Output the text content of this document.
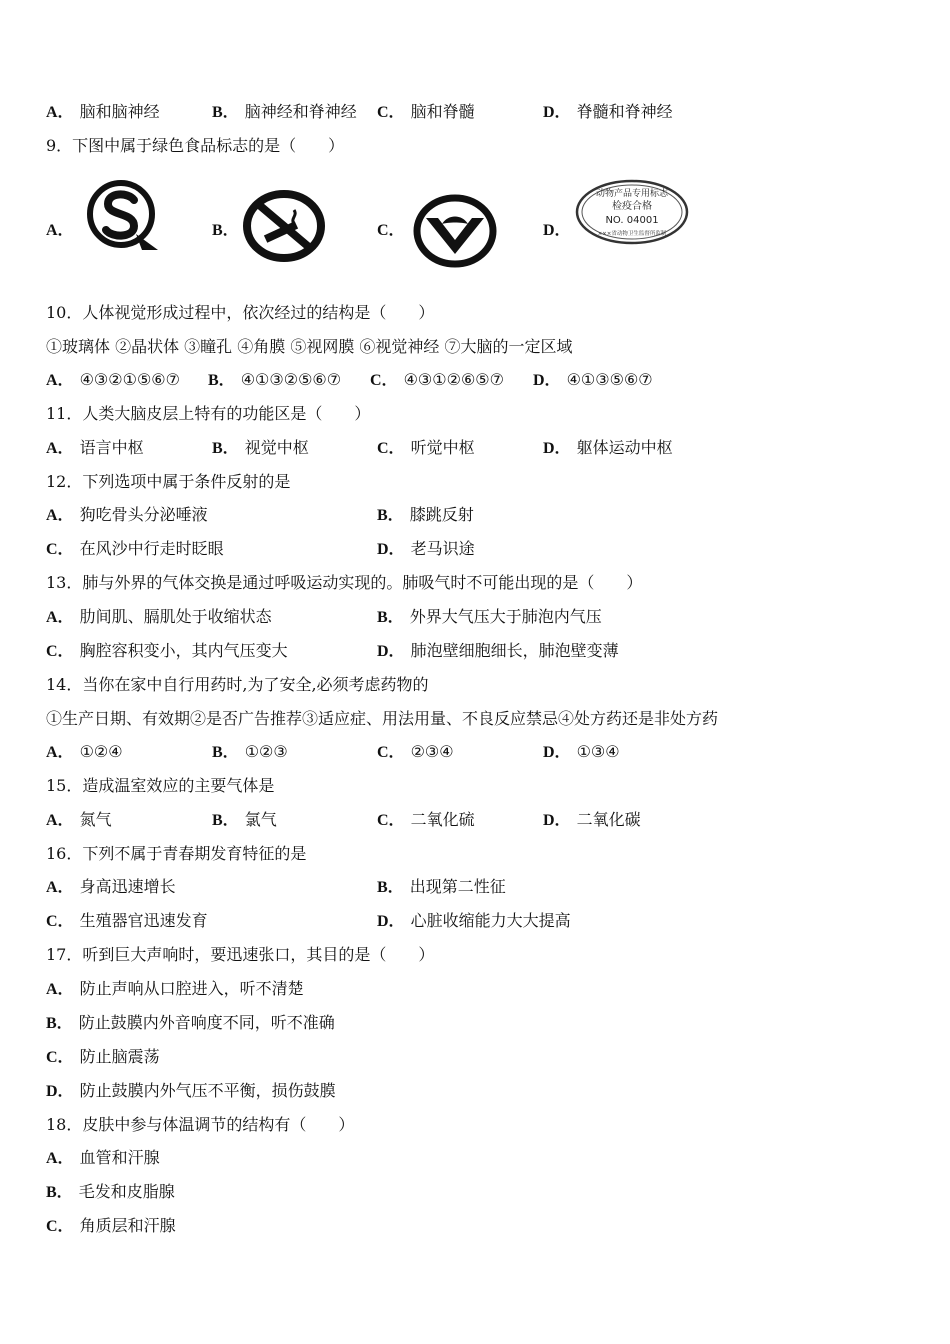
A． 脑和脑神经	B． 脑神经和脊神经 C． 脑和脊髓	D． 脊髓和脊神经
9．下图中属于绿色食品标志的是（　　）
A．	B．	C．	D．
动物产品专用标志
检疫合格
NO. 04001
×××省动物卫生监督所监制
10．人体视觉形成过程中，依次经过的结构是（　　）
①玻璃体 ②晶状体 ③瞳孔 ④角膜 ⑤视网膜 ⑥视觉神经 ⑦大脑的一定区域
A． ④③②①⑤⑥⑦ B． ④①③②⑤⑥⑦ C． ④③①②⑥⑤⑦ D． ④①③⑤⑥⑦
11．人类大脑皮层上特有的功能区是（　　）
A． 语言中枢	B． 视觉中枢	C． 听觉中枢	D． 躯体运动中枢
12．下列选项中属于条件反射的是
A． 狗吃骨头分泌唾液	B． 膝跳反射
C． 在风沙中行走时眨眼	D． 老马识途
13．肺与外界的气体交换是通过呼吸运动实现的。肺吸气时不可能出现的是（　　）
A． 肋间肌、膈肌处于收缩状态	B． 外界大气压大于肺泡内气压
C． 胸腔容积变小，其内气压变大	D． 肺泡壁细胞细长，肺泡壁变薄
14．当你在家中自行用药时,为了安全,必须考虑药物的
①生产日期、有效期②是否广告推荐③适应症、用法用量、不良反应禁忌④处方药还是非处方药
A． ①②④	B． ①②③	C． ②③④	D． ①③④
15．造成温室效应的主要气体是
A． 氮气	B． 氯气	C． 二氧化硫	D． 二氧化碳
16．下列不属于青春期发育特征的是
A． 身高迅速增长	B． 出现第二性征
C． 生殖器官迅速发育	D． 心脏收缩能力大大提高
17．听到巨大声响时，要迅速张口，其目的是（　　）
A． 防止声响从口腔进入，听不清楚
B． 防止鼓膜内外音响度不同，听不准确
C． 防止脑震荡
D． 防止鼓膜内外气压不平衡，损伤鼓膜
18．皮肤中参与体温调节的结构有（　　）
A． 血管和汗腺
B． 毛发和皮脂腺
C． 角质层和汗腺
